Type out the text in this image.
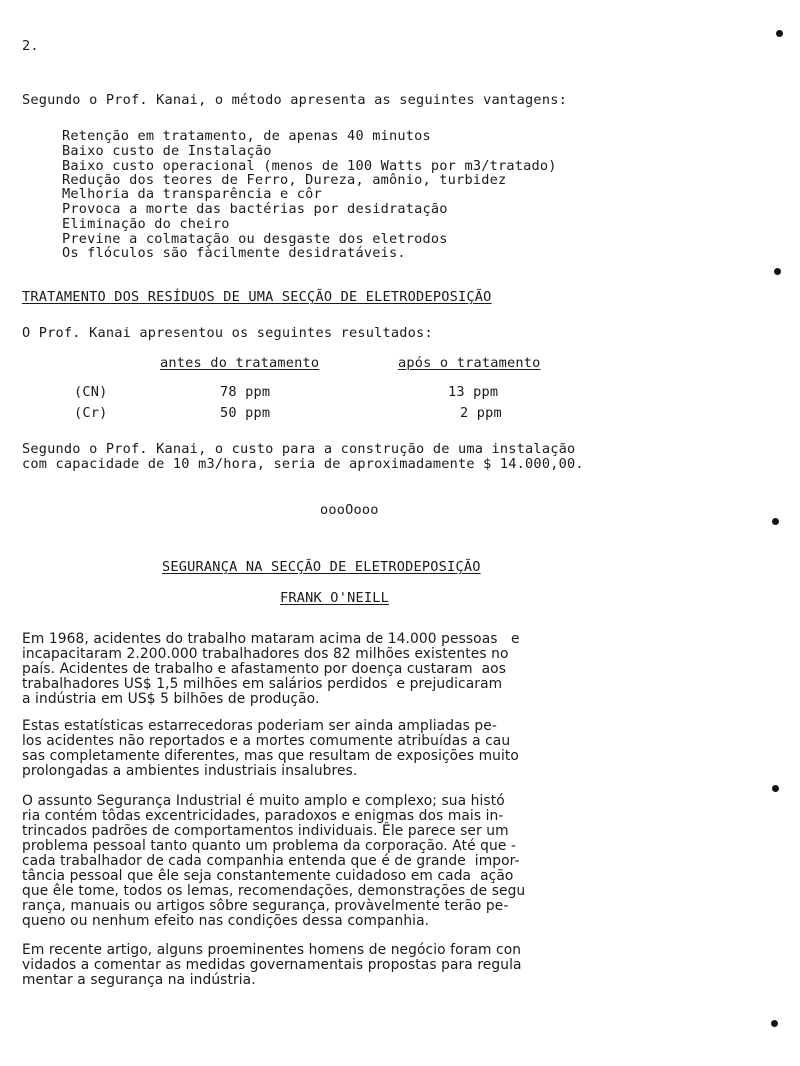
2.
Segundo o Prof. Kanai, o método apresenta as seguintes vantagens:
Retenção em tratamento, de apenas 40 minutos
Baixo custo de Instalação
Baixo custo operacional (menos de 100 Watts por m3/tratado)
Redução dos teores de Ferro, Dureza, amônio, turbidez
Melhoria da transparência e côr
Provoca a morte das bactérias por desidratação
Eliminação do cheiro
Previne a colmatação ou desgaste dos eletrodos
Os flóculos são fàcilmente desidratáveis.
TRATAMENTO DOS RESÍDUOS DE UMA SECÇÃO DE ELETRODEPOSIÇÃO
O Prof. Kanai apresentou os seguintes resultados:
antes do tratamento	após o tratamento
(CN)	78 ppm	13 ppm
(Cr)	50 ppm	2 ppm
Segundo o Prof. Kanai, o custo para a construção de uma instalação
com capacidade de 10 m3/hora, seria de aproximadamente $ 14.000,00.
oooOooo
SEGURANÇA NA SECÇÃO DE ELETRODEPOSIÇÃO
FRANK O'NEILL
Em 1968, acidentes do trabalho mataram acima de 14.000 pessoas   e
incapacitaram 2.200.000 trabalhadores dos 82 milhões existentes no
país. Acidentes de trabalho e afastamento por doença custaram  aos
trabalhadores US$ 1,5 milhões em salários perdidos  e prejudicaram
a indústria em US$ 5 bilhões de produção.
Estas estatísticas estarrecedoras poderiam ser ainda ampliadas pe-
los acidentes não reportados e a mortes comumente atribuídas a cau
sas completamente diferentes, mas que resultam de exposições muito
prolongadas a ambientes industriais insalubres.
O assunto Segurança Industrial é muito amplo e complexo; sua histó
ria contém tôdas excentricidades, paradoxos e enigmas dos mais in-
trincados padrões de comportamentos individuais. Êle parece ser um
problema pessoal tanto quanto um problema da corporação. Até que -
cada trabalhador de cada companhia entenda que é de grande  impor-
tância pessoal que êle seja constantemente cuidadoso em cada  ação
que êle tome, todos os lemas, recomendações, demonstrações de segu
rança, manuais ou artigos sôbre segurança, provàvelmente terão pe-
queno ou nenhum efeito nas condições dessa companhia.
Em recente artigo, alguns proeminentes homens de negócio foram con
vidados a comentar as medidas governamentais propostas para regula
mentar a segurança na indústria.
